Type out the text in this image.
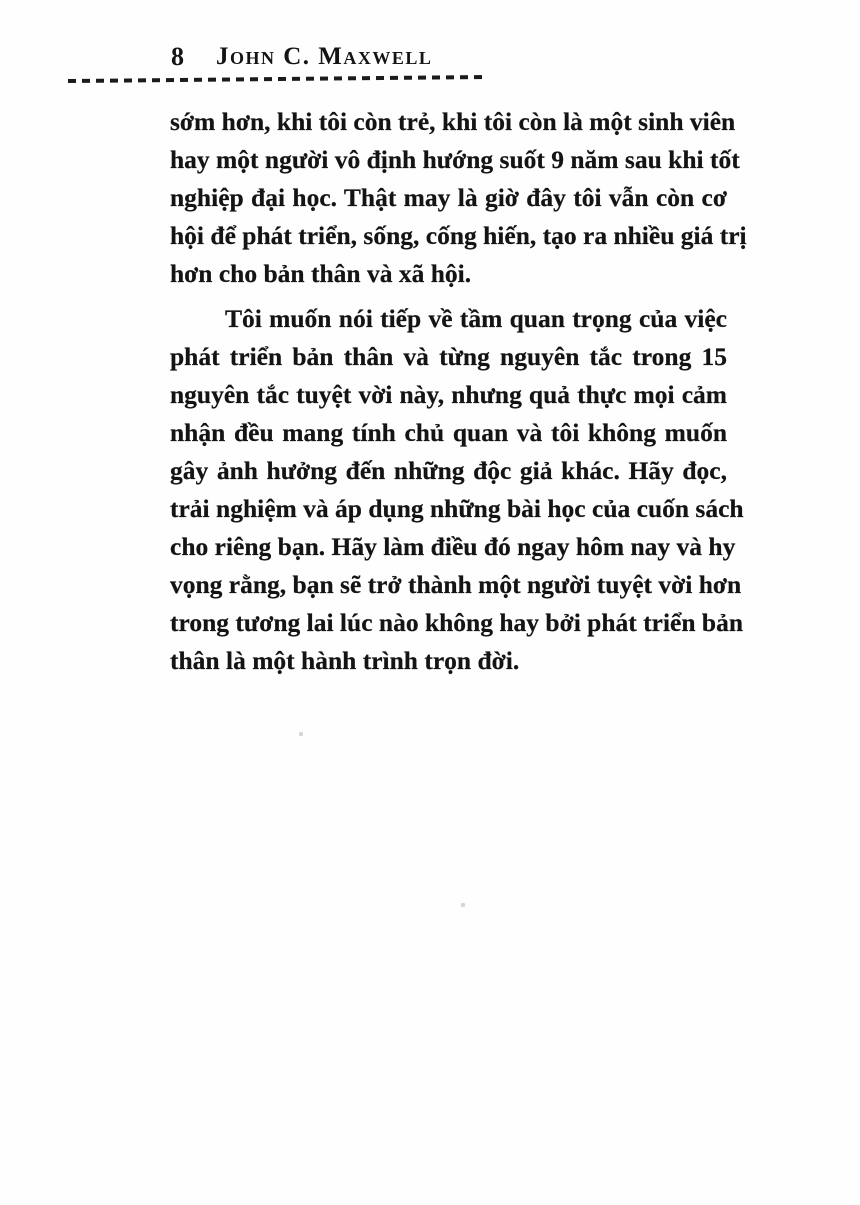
8 John C. Maxwell
sớm hơn, khi tôi còn trẻ, khi tôi còn là một sinh viên
hay một người vô định hướng suốt 9 năm sau khi tốt
nghiệp đại học. Thật may là giờ đây tôi vẫn còn cơ
hội để phát triển, sống, cống hiến, tạo ra nhiều giá trị
hơn cho bản thân và xã hội.
Tôi muốn nói tiếp về tầm quan trọng của việc
phát triển bản thân và từng nguyên tắc trong 15
nguyên tắc tuyệt vời này, nhưng quả thực mọi cảm
nhận đều mang tính chủ quan và tôi không muốn
gây ảnh hưởng đến những độc giả khác. Hãy đọc,
trải nghiệm và áp dụng những bài học của cuốn sách
cho riêng bạn. Hãy làm điều đó ngay hôm nay và hy
vọng rằng, bạn sẽ trở thành một người tuyệt vời hơn
trong tương lai lúc nào không hay bởi phát triển bản
thân là một hành trình trọn đời.
